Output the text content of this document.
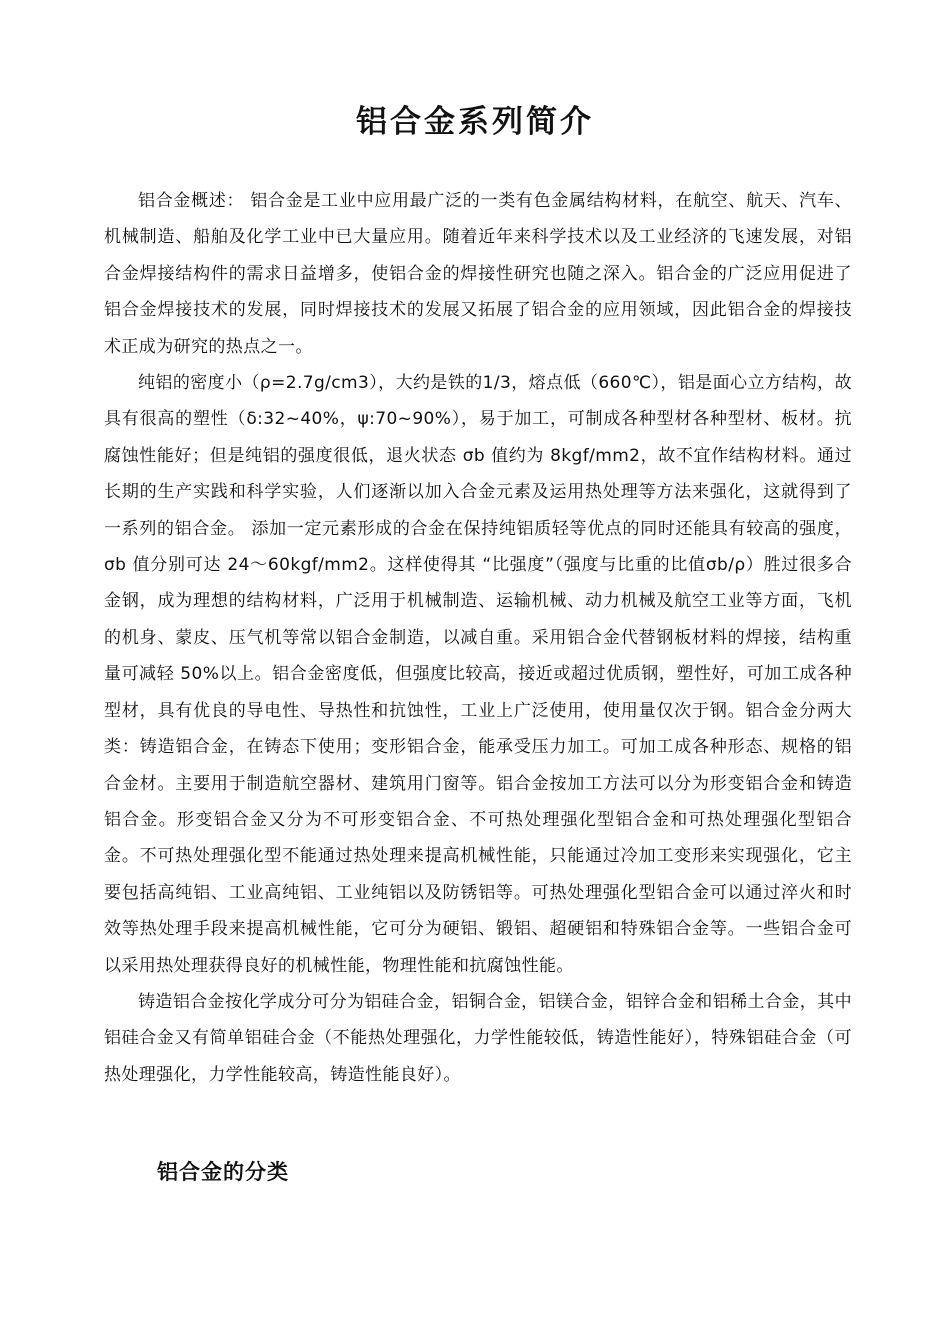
铝合金系列简介

铝合金概述： 铝合金是工业中应用最广泛的一类有色金属结构材料，在航空、航天、汽车、机械制造、船舶及化学工业中已大量应用。随着近年来科学技术以及工业经济的飞速发展，对铝合金焊接结构件的需求日益增多，使铝合金的焊接性研究也随之深入。铝合金的广泛应用促进了铝合金焊接技术的发展，同时焊接技术的发展又拓展了铝合金的应用领域，因此铝合金的焊接技术正成为研究的热点之一。

纯铝的密度小（ρ=2.7g/cm3），大约是铁的1/3，熔点低（660℃），铝是面心立方结构，故具有很高的塑性（δ:32~40%，ψ:70~90%），易于加工，可制成各种型材各种型材、板材。抗腐蚀性能好；但是纯铝的强度很低，退火状态 σb 值约为 8kgf/mm2，故不宜作结构材料。通过长期的生产实践和科学实验，人们逐渐以加入合金元素及运用热处理等方法来强化，这就得到了一系列的铝合金。 添加一定元素形成的合金在保持纯铝质轻等优点的同时还能具有较高的强度，σb 值分别可达 24～60kgf/mm2。这样使得其 “比强度”（强度与比重的比值σb/ρ）胜过很多合金钢，成为理想的结构材料，广泛用于机械制造、运输机械、动力机械及航空工业等方面，飞机的机身、蒙皮、压气机等常以铝合金制造，以减自重。采用铝合金代替钢板材料的焊接，结构重量可减轻 50%以上。铝合金密度低，但强度比较高，接近或超过优质钢，塑性好，可加工成各种型材，具有优良的导电性、导热性和抗蚀性，工业上广泛使用，使用量仅次于钢。铝合金分两大类：铸造铝合金，在铸态下使用；变形铝合金，能承受压力加工。可加工成各种形态、规格的铝合金材。主要用于制造航空器材、建筑用门窗等。铝合金按加工方法可以分为形变铝合金和铸造铝合金。形变铝合金又分为不可形变铝合金、不可热处理强化型铝合金和可热处理强化型铝合金。不可热处理强化型不能通过热处理来提高机械性能，只能通过冷加工变形来实现强化，它主要包括高纯铝、工业高纯铝、工业纯铝以及防锈铝等。可热处理强化型铝合金可以通过淬火和时效等热处理手段来提高机械性能，它可分为硬铝、锻铝、超硬铝和特殊铝合金等。一些铝合金可以采用热处理获得良好的机械性能，物理性能和抗腐蚀性能。

铸造铝合金按化学成分可分为铝硅合金，铝铜合金，铝镁合金，铝锌合金和铝稀土合金，其中铝硅合金又有简单铝硅合金（不能热处理强化，力学性能较低，铸造性能好），特殊铝硅合金（可热处理强化，力学性能较高，铸造性能良好）。

铝合金的分类
